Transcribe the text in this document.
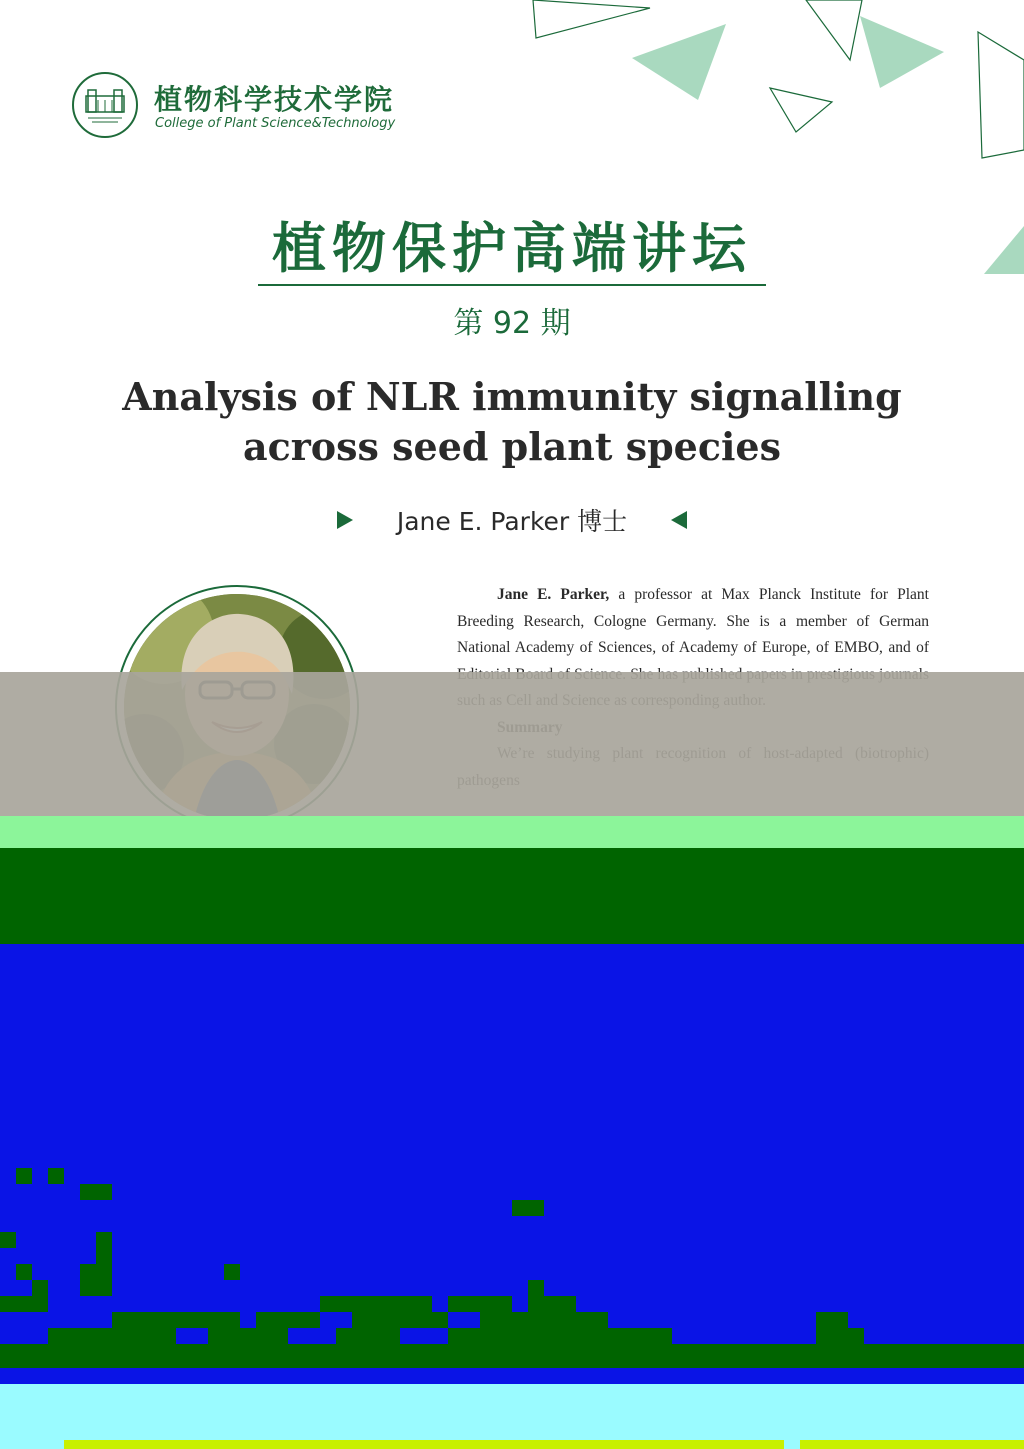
植物科学技术学院
College of Plant Science&Technology
植物保护高端讲坛
第 92 期
Analysis of NLR immunity signalling
across seed plant species
Jane E. Parker 博士

Jane E. Parker, a professor at Max Planck Institute for Plant Breeding Research, Cologne Germany. She is a member of German National Academy of Sciences, of Academy of Europe, of EMBO, and of
